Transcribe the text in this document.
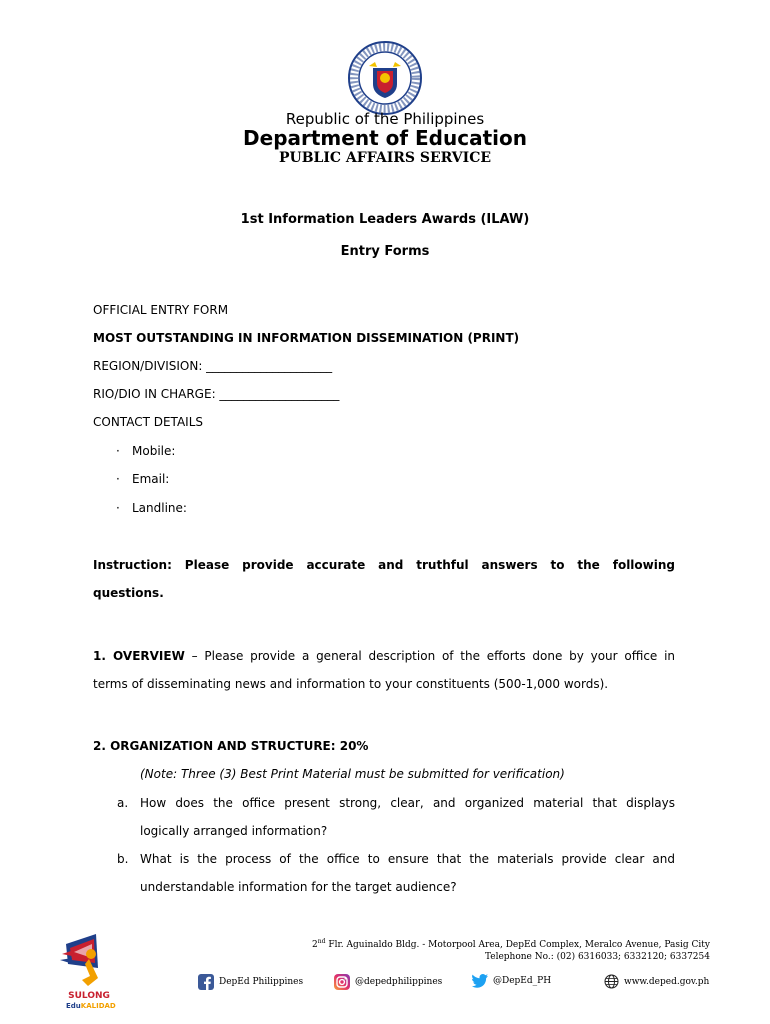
Republic of the Philippines
Department of Education
PUBLIC AFFAIRS SERVICE
1st Information Leaders Awards (ILAW)
Entry Forms
OFFICIAL ENTRY FORM
MOST OUTSTANDING IN INFORMATION DISSEMINATION (PRINT)
REGION/DIVISION: _____________________
RIO/DIO IN CHARGE: ____________________
CONTACT DETAILS
· Mobile:
· Email:
· Landline:
Instruction: Please provide accurate and truthful answers to the following
questions.
1. OVERVIEW – Please provide a general description of the efforts done by your office in
terms of disseminating news and information to your constituents (500-1,000 words).
2. ORGANIZATION AND STRUCTURE: 20%
(Note: Three (3) Best Print Material must be submitted for verification)
a. How does the office present strong, clear, and organized material that displays
logically arranged information?
b. What is the process of the office to ensure that the materials provide clear and
understandable information for the target audience?
SULONG
EduKALIDAD
2nd Flr. Aguinaldo Bldg. - Motorpool Area, DepEd Complex, Meralco Avenue, Pasig City
Telephone No.: (02) 6316033; 6332120; 6337254
DepEd Philippines	@depedphilippines	@DepEd_PH	www.deped.gov.ph
